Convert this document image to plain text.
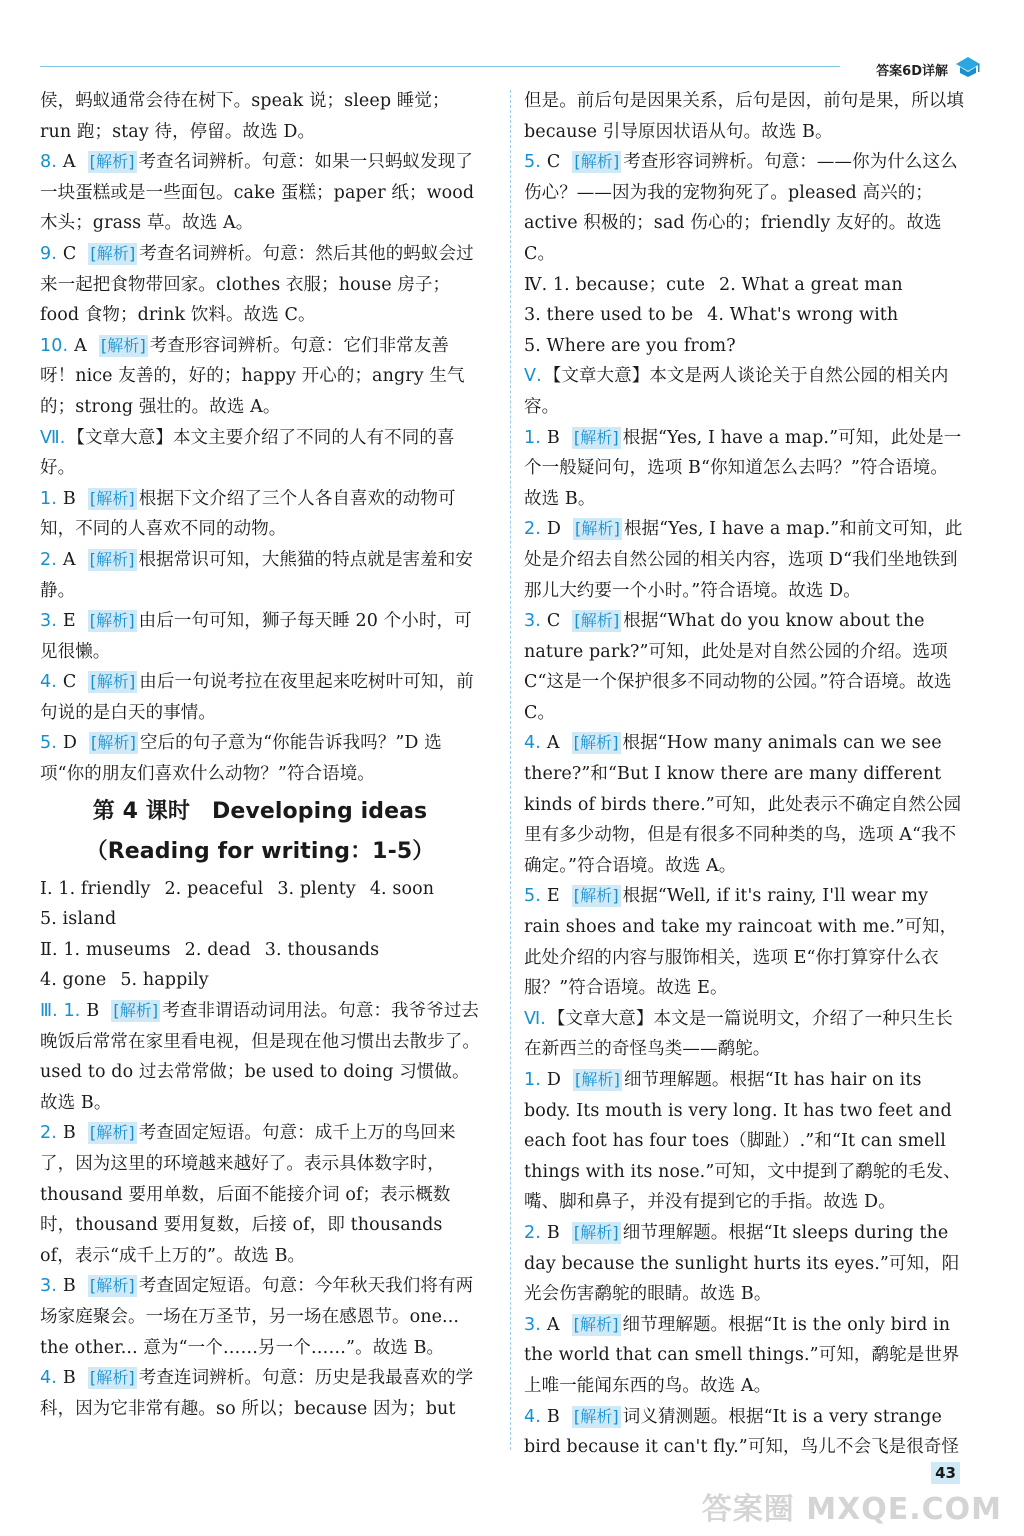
答案6D详解
侯，蚂蚁通常会待在树下。speak 说；sleep 睡觉；run 跑；stay 待，停留。故选 D。
8. A [ 解析 ] 考查名词辨析。句意：如果一只蚂蚁发现了一块蛋糕或是一些面包。cake 蛋糕；paper 纸；wood 木头；grass 草。故选 A。
9. C [ 解析 ] 考查名词辨析。句意：然后其他的蚂蚁会过来一起把食物带回家。clothes 衣服；house 房子；food 食物；drink 饮料。故选 C。
10. A [ 解析 ] 考查形容词辨析。句意：它们非常友善呀！nice 友善的，好的；happy 开心的；angry 生气的；strong 强壮的。故选 A。
Ⅶ. 【文章大意】本文主要介绍了不同的人有不同的喜好。
1. B [ 解析 ] 根据下文介绍了三个人各自喜欢的动物可知，不同的人喜欢不同的动物。
2. A [ 解析 ] 根据常识可知，大熊猫的特点就是害羞和安静。
3. E [ 解析 ] 由后一句可知，狮子每天睡 20 个小时，可见很懒。
4. C [ 解析 ] 由后一句说考拉在夜里起来吃树叶可知，前句说的是白天的事情。
5. D [ 解析 ] 空后的句子意为“你能告诉我吗？”D 选项“你的朋友们喜欢什么动物？”符合语境。
第 4 课时　Developing ideas
（Reading for writing：1-5）
Ⅰ. 1. friendly 2. peaceful 3. plenty 4. soon
5. island
Ⅱ. 1. museums 2. dead 3. thousands
4. gone 5. happily
Ⅲ. 1. B [ 解析 ] 考查非谓语动词用法。句意：我爷爷过去晚饭后常常在家里看电视，但是现在他习惯出去散步了。used to do 过去常常做；be used to doing 习惯做。故选 B。
2. B [ 解析 ] 考查固定短语。句意：成千上万的鸟回来了，因为这里的环境越来越好了。表示具体数字时，thousand 要用单数，后面不能接介词 of；表示概数时，thousand 要用复数，后接 of，即 thousands of，表示“成千上万的”。故选 B。
3. B [ 解析 ] 考查固定短语。句意：今年秋天我们将有两场家庭聚会。一场在万圣节，另一场在感恩节。one... the other... 意为“一个……另一个……”。故选 B。
4. B [ 解析 ] 考查连词辨析。句意：历史是我最喜欢的学科，因为它非常有趣。so 所以；because 因为；but
但是。前后句是因果关系，后句是因，前句是果，所以填 because 引导原因状语从句。故选 B。
5. C [ 解析 ] 考查形容词辨析。句意：——你为什么这么伤心？——因为我的宠物狗死了。pleased 高兴的；active 积极的；sad 伤心的；friendly 友好的。故选 C。
Ⅳ. 1. because；cute 2. What a great man
3. there used to be 4. What's wrong with
5. Where are you from?
Ⅴ. 【文章大意】本文是两人谈论关于自然公园的相关内容。
1. B [ 解析 ] 根据“Yes, I have a map.”可知，此处是一个一般疑问句，选项 B“你知道怎么去吗？”符合语境。故选 B。
2. D [ 解析 ] 根据“Yes, I have a map.”和前文可知，此处是介绍去自然公园的相关内容，选项 D“我们坐地铁到那儿大约要一个小时。”符合语境。故选 D。
3. C [ 解析 ] 根据“What do you know about the nature park?”可知，此处是对自然公园的介绍。选项 C“这是一个保护很多不同动物的公园。”符合语境。故选 C。
4. A [ 解析 ] 根据“How many animals can we see there?”和“But I know there are many different kinds of birds there.”可知，此处表示不确定自然公园里有多少动物，但是有很多不同种类的鸟，选项 A“我不确定。”符合语境。故选 A。
5. E [ 解析 ] 根据“Well, if it's rainy, I'll wear my rain shoes and take my raincoat with me.”可知，此处介绍的内容与服饰相关，选项 E“你打算穿什么衣服？”符合语境。故选 E。
Ⅵ. 【文章大意】本文是一篇说明文，介绍了一种只生长在新西兰的奇怪鸟类——鹬鸵。
1. D [ 解析 ] 细节理解题。根据“It has hair on its body. Its mouth is very long. It has two feet and each foot has four toes（脚趾）.”和“It can smell things with its nose.”可知，文中提到了鹬鸵的毛发、嘴、脚和鼻子，并没有提到它的手指。故选 D。
2. B [ 解析 ] 细节理解题。根据“It sleeps during the day because the sunlight hurts its eyes.”可知，阳光会伤害鹬鸵的眼睛。故选 B。
3. A [ 解析 ] 细节理解题。根据“It is the only bird in the world that can smell things.”可知，鹬鸵是世界上唯一能闻东西的鸟。故选 A。
4. B [ 解析 ] 词义猜测题。根据“It is a very strange bird because it can't fly.”可知，鸟儿不会飞是很奇怪
43
答案圈 MXQE.COM
